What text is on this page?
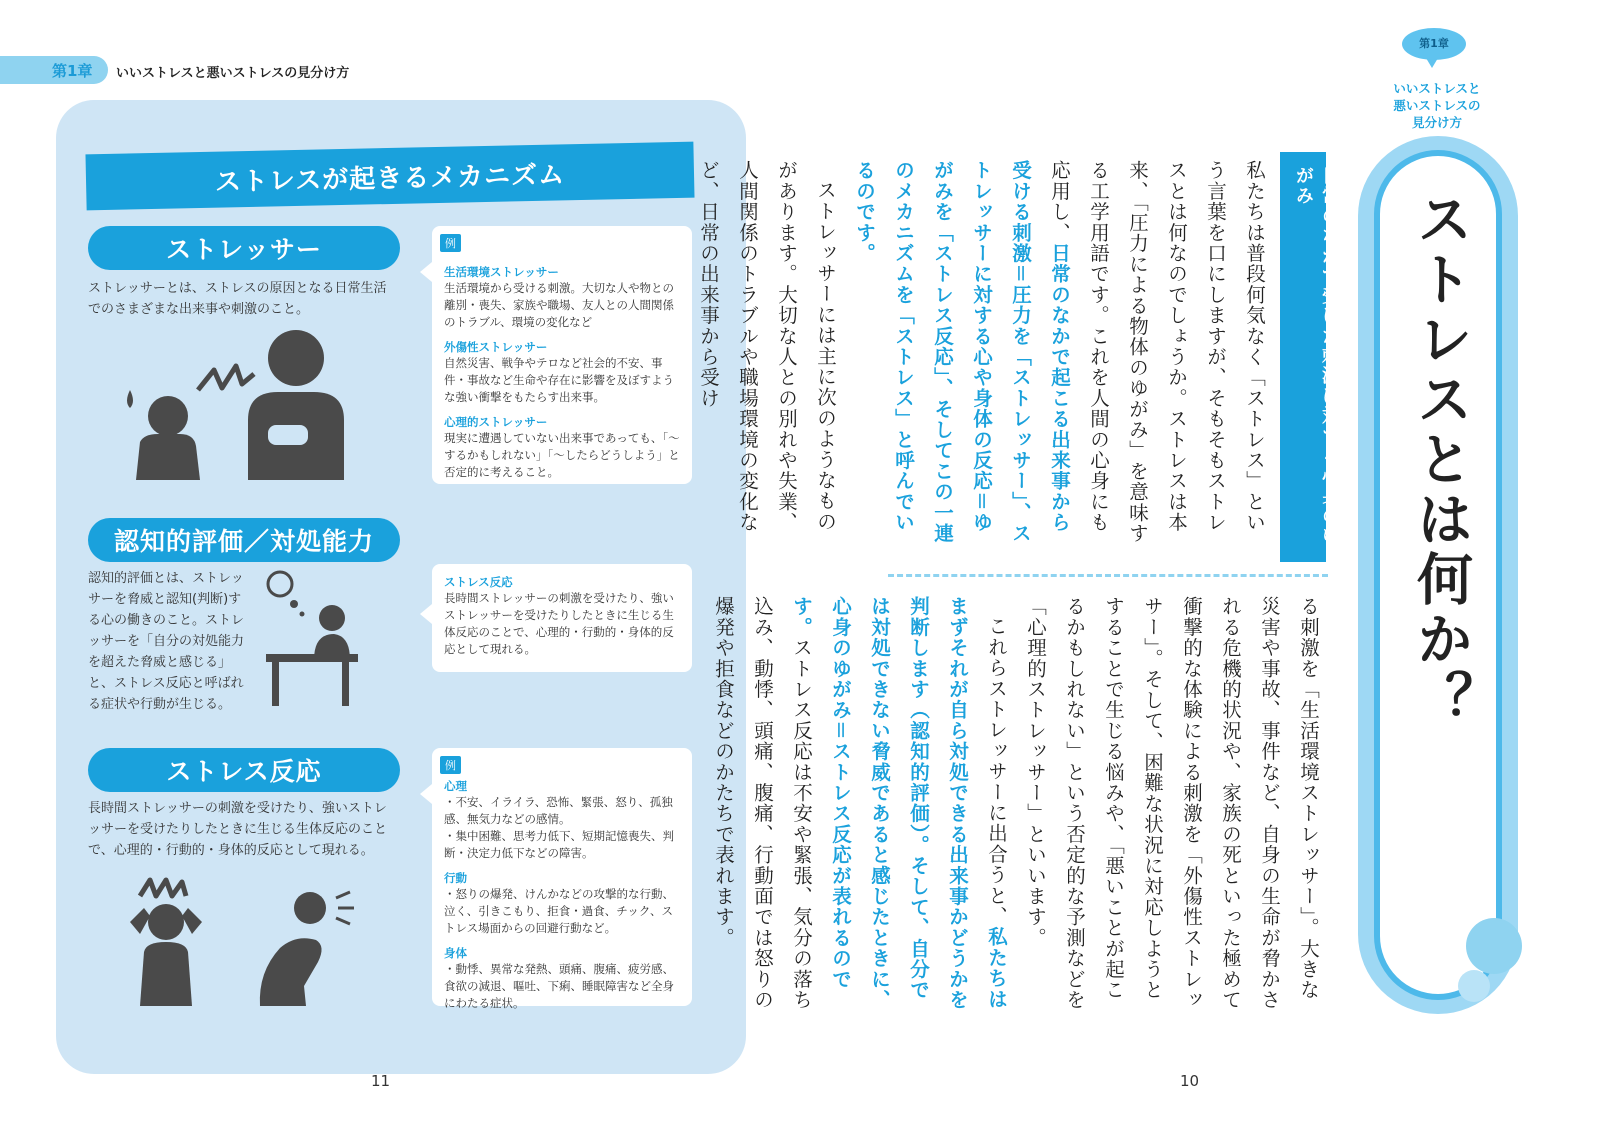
第1章 いいストレスと悪いストレスの見分け方
ストレスが起きるメカニズム
ストレッサー
ストレッサーとは、ストレスの原因となる日常生活でのさまざまな出来事や刺激のこと。
例
生活環境ストレッサー
生活環境から受ける刺激。大切な人や物との離別・喪失、家族や職場、友人との人間関係のトラブル、環境の変化など
外傷性ストレッサー
自然災害、戦争やテロなど社会的不安、事件・事故など生命や存在に影響を及ぼすような強い衝撃をもたらす出来事。
心理的ストレッサー
現実に遭遇していない出来事であっても、「〜するかもしれない」「〜したらどうしよう」と否定的に考えること。
認知的評価／対処能力
認知的評価とは、ストレッサーを脅威と認知(判断)する心の働きのこと。ストレッサーを「自分の対処能力を超えた脅威と感じる」と、ストレス反応と呼ばれる症状や行動が生じる。
ストレス反応
長時間ストレッサーの刺激を受けたり、強いストレッサーを受けたりしたときに生じる生体反応のことで、心理的・行動的・身体的反応として現れる。
ストレス反応
長時間ストレッサーの刺激を受けたり、強いストレッサーを受けたりしたときに生じる生体反応のことで、心理的・行動的・身体的反応として現れる。
例
心理

・不安、イライラ、恐怖、緊張、怒り、孤独感、無気力などの感情。

・集中困難、思考力低下、短期記憶喪失、判断・決定力低下などの障害。

行動

・怒りの爆発、けんかなどの攻撃的な行動、泣く、引きこもり、拒食・過食、チック、ストレス場面からの回避行動など。

身体

・動悸、異常な発熱、頭痛、腹痛、疲労感、食欲の減退、嘔吐、下痢、睡眠障害など全身にわたる症状。

11
第1章
いいストレスと
悪いストレスの
見分け方
ストレスとは何か？
日常のなかで受けた刺激に対する心身のゆがみ
私たちは普段何気なく「ストレス」という言葉を口にしますが、そもそもストレスとは何なのでしょうか。ストレスは本来、「圧力による物体のゆがみ」を意味する工学用語です。これを人間の心身にも応用し、日常のなかで起こる出来事から受ける刺激＝圧力を「ストレッサー」、ストレッサーに対する心や身体の反応＝ゆがみを「ストレス反応」、そしてこの一連のメカニズムを「ストレス」と呼んでいるのです。
ストレッサーには主に次のようなものがあります。大切な人との別れや失業、人間関係のトラブルや職場環境の変化など、日常の出来事から受け
る刺激を「生活環境ストレッサー」。大きな災害や事故、事件など、自身の生命が脅かされる危機的状況や、家族の死といった極めて衝撃的な体験による刺激を「外傷性ストレッサー」。そして、困難な状況に対応しようとすることで生じる悩みや、「悪いことが起こるかもしれない」という否定的な予測などを「心理的ストレッサー」といいます。
これらストレッサーに出合うと、私たちはまずそれが自ら対処できる出来事かどうかを判断します（認知的評価）。そして、自分では対処できない脅威であると感じたときに、心身のゆがみ＝ストレス反応が表れるのです。ストレス反応は不安や緊張、気分の落ち込み、動悸、頭痛、腹痛、行動面では怒りの爆発や拒食などのかたちで表れます。
10
